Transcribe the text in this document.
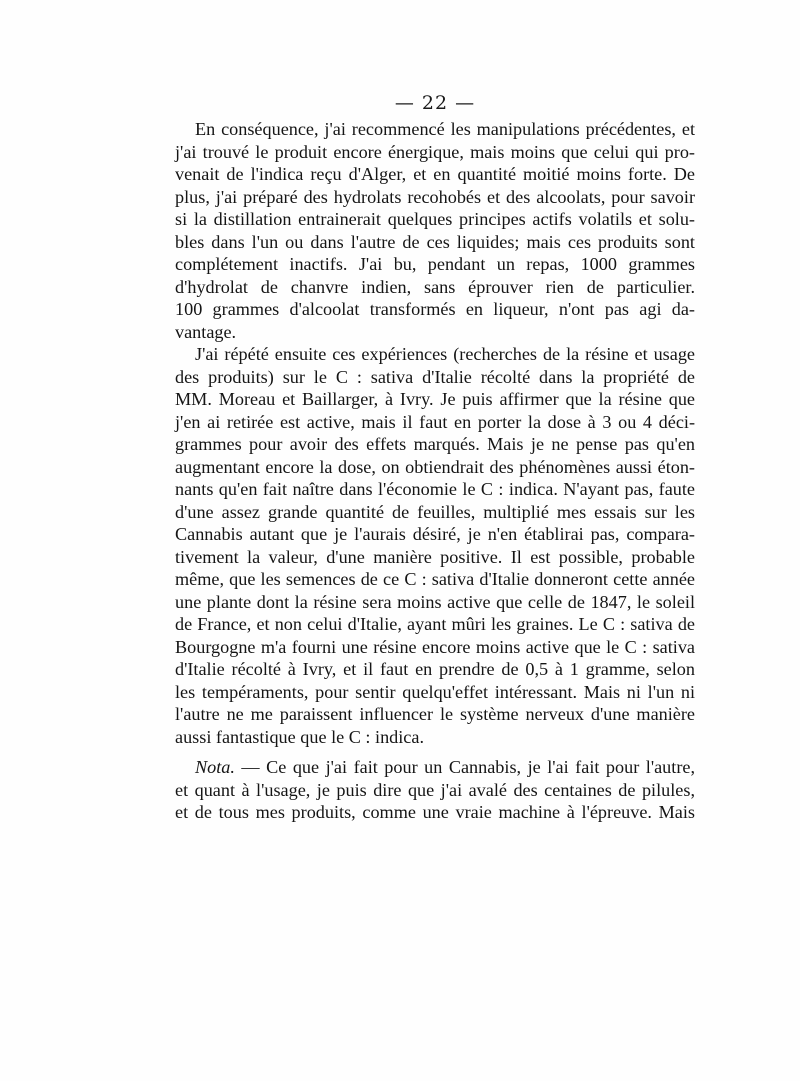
— 22 —
En conséquence, j'ai recommencé les manipulations précédentes, et
j'ai trouvé le produit encore énergique, mais moins que celui qui pro-
venait de l'indica reçu d'Alger, et en quantité moitié moins forte. De
plus, j'ai préparé des hydrolats recohobés et des alcoolats, pour savoir
si la distillation entrainerait quelques principes actifs volatils et solu-
bles dans l'un ou dans l'autre de ces liquides; mais ces produits sont
complétement inactifs. J'ai bu, pendant un repas, 1000 grammes
d'hydrolat de chanvre indien, sans éprouver rien de particulier.
100 grammes d'alcoolat transformés en liqueur, n'ont pas agi da-
vantage.
J'ai répété ensuite ces expériences (recherches de la résine et usage
des produits) sur le C : sativa d'Italie récolté dans la propriété de
MM. Moreau et Baillarger, à Ivry. Je puis affirmer que la résine que
j'en ai retirée est active, mais il faut en porter la dose à 3 ou 4 déci-
grammes pour avoir des effets marqués. Mais je ne pense pas qu'en
augmentant encore la dose, on obtiendrait des phénomènes aussi éton-
nants qu'en fait naître dans l'économie le C : indica. N'ayant pas, faute
d'une assez grande quantité de feuilles, multiplié mes essais sur les
Cannabis autant que je l'aurais désiré, je n'en établirai pas, compara-
tivement la valeur, d'une manière positive. Il est possible, probable
même, que les semences de ce C : sativa d'Italie donneront cette année
une plante dont la résine sera moins active que celle de 1847, le soleil
de France, et non celui d'Italie, ayant mûri les graines. Le C : sativa de
Bourgogne m'a fourni une résine encore moins active que le C : sativa
d'Italie récolté à Ivry, et il faut en prendre de 0,5 à 1 gramme, selon
les tempéraments, pour sentir quelqu'effet intéressant. Mais ni l'un ni
l'autre ne me paraissent influencer le système nerveux d'une manière
aussi fantastique que le C : indica.
Nota. — Ce que j'ai fait pour un Cannabis, je l'ai fait pour l'autre,
et quant à l'usage, je puis dire que j'ai avalé des centaines de pilules,
et de tous mes produits, comme une vraie machine à l'épreuve. Mais
